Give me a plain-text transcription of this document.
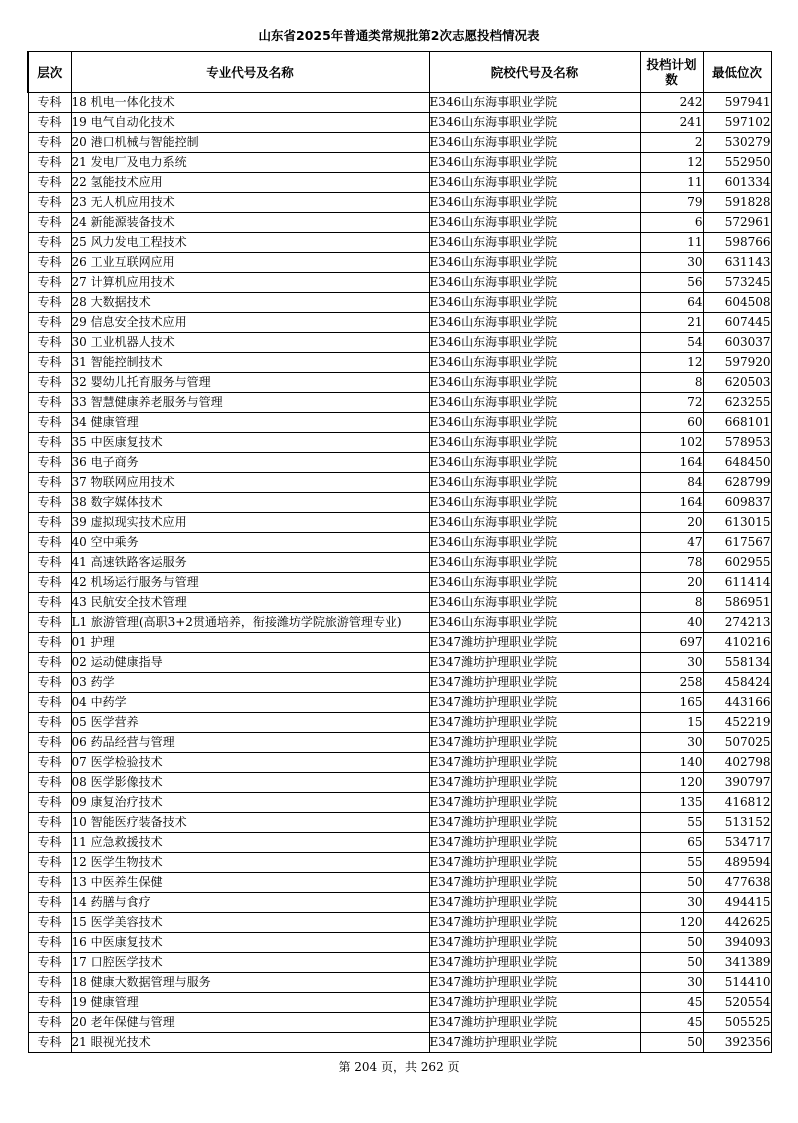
山东省2025年普通类常规批第2次志愿投档情况表
层次	专业代号及名称	院校代号及名称	投档计划数	最低位次
专科	18 机电一体化技术	E346山东海事职业学院	242	597941
专科	19 电气自动化技术	E346山东海事职业学院	241	597102
专科	20 港口机械与智能控制	E346山东海事职业学院	2	530279
专科	21 发电厂及电力系统	E346山东海事职业学院	12	552950
专科	22 氢能技术应用	E346山东海事职业学院	11	601334
专科	23 无人机应用技术	E346山东海事职业学院	79	591828
专科	24 新能源装备技术	E346山东海事职业学院	6	572961
专科	25 风力发电工程技术	E346山东海事职业学院	11	598766
专科	26 工业互联网应用	E346山东海事职业学院	30	631143
专科	27 计算机应用技术	E346山东海事职业学院	56	573245
专科	28 大数据技术	E346山东海事职业学院	64	604508
专科	29 信息安全技术应用	E346山东海事职业学院	21	607445
专科	30 工业机器人技术	E346山东海事职业学院	54	603037
专科	31 智能控制技术	E346山东海事职业学院	12	597920
专科	32 婴幼儿托育服务与管理	E346山东海事职业学院	8	620503
专科	33 智慧健康养老服务与管理	E346山东海事职业学院	72	623255
专科	34 健康管理	E346山东海事职业学院	60	668101
专科	35 中医康复技术	E346山东海事职业学院	102	578953
专科	36 电子商务	E346山东海事职业学院	164	648450
专科	37 物联网应用技术	E346山东海事职业学院	84	628799
专科	38 数字媒体技术	E346山东海事职业学院	164	609837
专科	39 虚拟现实技术应用	E346山东海事职业学院	20	613015
专科	40 空中乘务	E346山东海事职业学院	47	617567
专科	41 高速铁路客运服务	E346山东海事职业学院	78	602955
专科	42 机场运行服务与管理	E346山东海事职业学院	20	611414
专科	43 民航安全技术管理	E346山东海事职业学院	8	586951
专科	L1 旅游管理(高职3+2贯通培养，衔接潍坊学院旅游管理专业)	E346山东海事职业学院	40	274213
专科	01 护理	E347潍坊护理职业学院	697	410216
专科	02 运动健康指导	E347潍坊护理职业学院	30	558134
专科	03 药学	E347潍坊护理职业学院	258	458424
专科	04 中药学	E347潍坊护理职业学院	165	443166
专科	05 医学营养	E347潍坊护理职业学院	15	452219
专科	06 药品经营与管理	E347潍坊护理职业学院	30	507025
专科	07 医学检验技术	E347潍坊护理职业学院	140	402798
专科	08 医学影像技术	E347潍坊护理职业学院	120	390797
专科	09 康复治疗技术	E347潍坊护理职业学院	135	416812
专科	10 智能医疗装备技术	E347潍坊护理职业学院	55	513152
专科	11 应急救援技术	E347潍坊护理职业学院	65	534717
专科	12 医学生物技术	E347潍坊护理职业学院	55	489594
专科	13 中医养生保健	E347潍坊护理职业学院	50	477638
专科	14 药膳与食疗	E347潍坊护理职业学院	30	494415
专科	15 医学美容技术	E347潍坊护理职业学院	120	442625
专科	16 中医康复技术	E347潍坊护理职业学院	50	394093
专科	17 口腔医学技术	E347潍坊护理职业学院	50	341389
专科	18 健康大数据管理与服务	E347潍坊护理职业学院	30	514410
专科	19 健康管理	E347潍坊护理职业学院	45	520554
专科	20 老年保健与管理	E347潍坊护理职业学院	45	505525
专科	21 眼视光技术	E347潍坊护理职业学院	50	392356
第 204 页，共 262 页
